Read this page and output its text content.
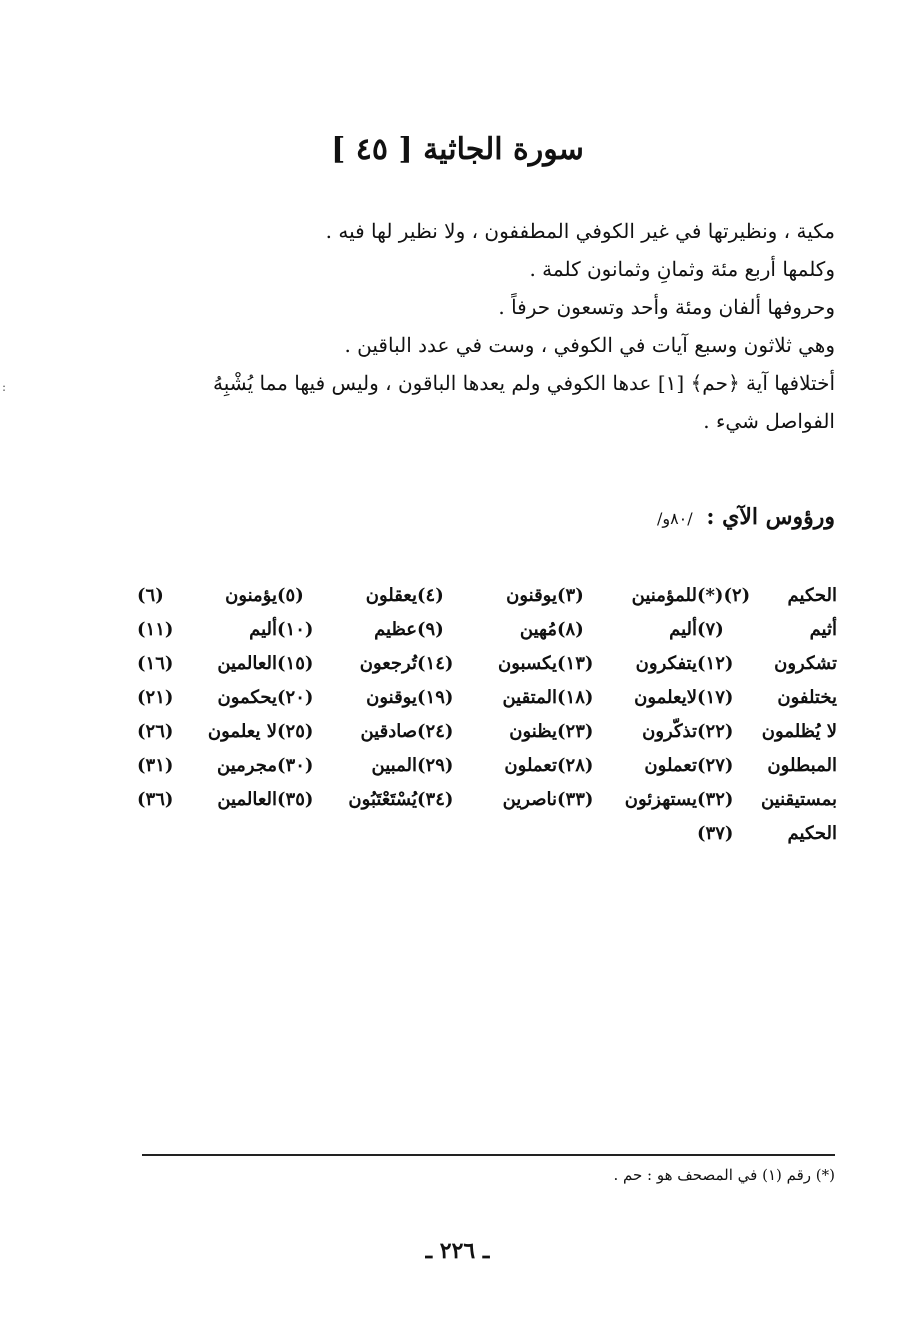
:
سورة الجاثية [ ٤٥ ]

مكية ، ونظيرتها في غير الكوفي المطففون ، ولا نظير لها فيه .

وكلمها أربع مئة وثمانِ وثمانون كلمة .

وحروفها ألفان ومئة وأحد وتسعون حرفاً .

وهي ثلاثون وسبع آيات في الكوفي ، وست في عدد الباقين .

أختلافها آية ﴿حم﴾ [١] عدها الكوفي ولم يعدها الباقون ، وليس فيها مما يُشْبِهُ

الفواصل شيء .

ورؤوس الآي : /٨٠و/
الحكيم
(٢)(*)
للمؤمنين
(٣)
يوقنون
(٤)
يعقلون
(٥)
يؤمنون
(٦)
أثيم
(٧)
أليم
(٨)
مُهين
(٩)
عظيم
(١٠)
أليم
(١١)
تشكرون
(١٢)
يتفكرون
(١٣)
يكسبون
(١٤)
تُرجعون
(١٥)
العالمين
(١٦)
يختلفون
(١٧)
لايعلمون
(١٨)
المتقين
(١٩)
يوقنون
(٢٠)
يحكمون
(٢١)
لا يُظلمون
(٢٢)
تذكّرون
(٢٣)
يظنون
(٢٤)
صادقين
(٢٥)
لا يعلمون
(٢٦)
المبطلون
(٢٧)
تعملون
(٢٨)
تعملون
(٢٩)
المبين
(٣٠)
مجرمين
(٣١)
بمستيقنين
(٣٢)
يستهزئون
(٣٣)
ناصرين
(٣٤)
يُسْتَعْتَبُون
(٣٥)
العالمين
(٣٦)
الحكيم
(٣٧)
(*) رقم (١) في المصحف هو : حم .
ـ ٢٢٦ ـ
